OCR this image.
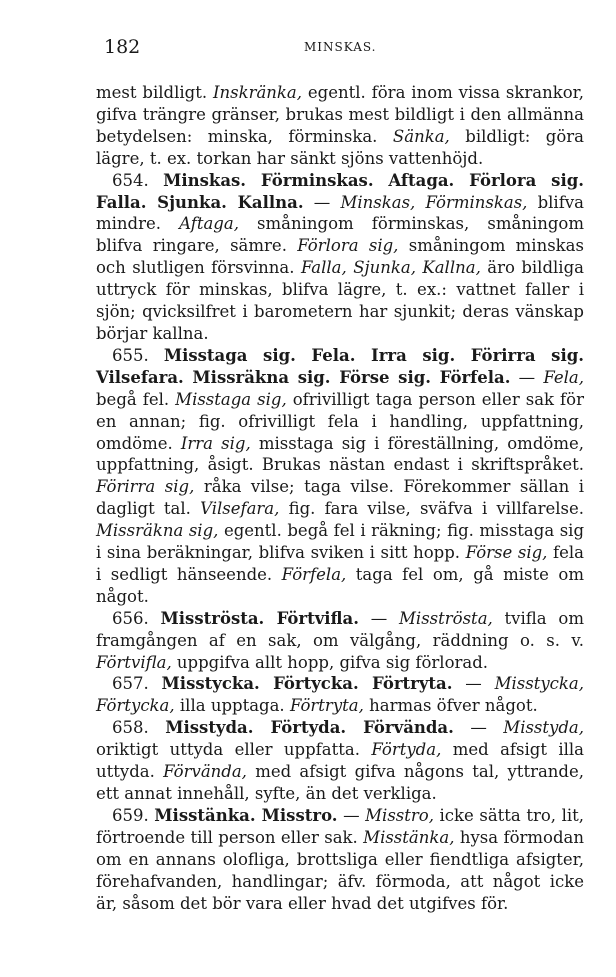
182	MINSKAS.

mest bildligt. Inskränka, egentl. föra inom vissa skrankor, gifva trängre gränser, brukas mest bildligt i den allmänna betydelsen: minska, förminska. Sänka, bildligt: göra lägre, t. ex. torkan har sänkt sjöns vattenhöjd.

654. Minskas. Förminskas. Aftaga. Förlora sig. Falla. Sjunka. Kallna. — Minskas, Förminskas, blifva mindre. Aftaga, småningom förminskas, småningom blifva ringare, sämre. Förlora sig, småningom minskas och slutligen försvinna. Falla, Sjunka, Kallna, äro bildliga uttryck för minskas, blifva lägre, t. ex.: vattnet faller i sjön; qvicksilfret i barometern har sjunkit; deras vänskap börjar kallna.

655. Misstaga sig. Fela. Irra sig. Förirra sig. Vilsefara. Missräkna sig. Förse sig. Förfela. — Fela, begå fel. Misstaga sig, ofrivilligt taga person eller sak för en annan; fig. ofrivilligt fela i handling, uppfattning, omdöme. Irra sig, misstaga sig i föreställning, omdöme, uppfattning, åsigt. Brukas nästan endast i skriftspråket. Förirra sig, råka vilse; taga vilse. Förekommer sällan i dagligt tal. Vilsefara, fig. fara vilse, sväfva i villfarelse. Missräkna sig, egentl. begå fel i räkning; fig. misstaga sig i sina beräkningar, blifva sviken i sitt hopp. Förse sig, fela i sedligt hänseende. Förfela, taga fel om, gå miste om något.

656. Misströsta. Förtvifla. — Misströsta, tvifla om framgången af en sak, om välgång, räddning o. s. v. Förtvifla, uppgifva allt hopp, gifva sig förlorad.

657. Misstycka. Förtycka. Förtryta. — Misstycka, Förtycka, illa upptaga. Förtryta, harmas öfver något.

658. Misstyda. Förtyda. Förvända. — Misstyda, oriktigt uttyda eller uppfatta. Förtyda, med afsigt illa uttyda. Förvända, med afsigt gifva någons tal, yttrande, ett annat innehåll, syfte, än det verkliga.

659. Misstänka. Misstro. — Misstro, icke sätta tro, lit, förtroende till person eller sak. Misstänka, hysa förmodan om en annans olofliga, brottsliga eller fiendtliga afsigter, förehafvanden, handlingar; äfv. förmoda, att något icke är, såsom det bör vara eller hvad det utgifves för.
